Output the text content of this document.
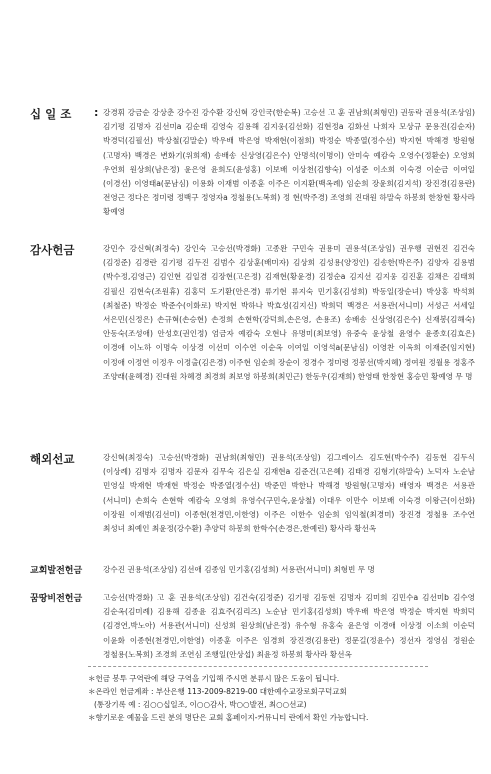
십 일 조	: 강경휘 강금순 강상춘 강수진 강수환 강신혁 강인국(한순복) 고승선 고 훈 권남희(최형민) 권동락 권용석(조상임) 김기평 김명자 김선미a 김순태 김영숙 김용해 김지웅(김선화) 김현정a 김화선 나희자 모상규 문용진(김순자) 박경덕(김필선) 박상철(김말순) 박우배 박은영 박재현(이점희) 박정순 박종열(정수선) 박지현 박해경 방원형(고명자) 백경은 변화기(위희재) 송배송 신상영(김은수) 안명석(이명이) 안미숙 예캄숙 오영수(정환순) 오영희 우연희 원상희(남은정) 윤은영 윤희도(윤성홍) 이보배 이상천(김향숙) 이성준 이소희 이숙경 이순금 이여일(이경선) 이영태a(문남심) 이용화 이재범 이종훈 이주은 이지환(백옥례) 임순희 장윤희(김지석) 장진경(김용란) 전영근 정다은 정미령 정백구 정영자a 정철용(노복희) 정 현(박주경) 조영희 진대원 하말숙 하봉희 한창현 황사라 황예영
감사헌금	강민수 강신혁(최정숙) 강인숙 고승선(박경화) 고종완 구민숙 권용미 권용석(조상임) 권우행 권현진 김건숙(김정준) 김경란 김기평 김두진 김범수 김상훈(배미자) 김상희 김성용(양정인) 김송한(박은주) 김양자 김용범(박수정,김영근) 김인현 김일겸 김장현(고은정) 김재현(황윤경) 김정순a 김지선 김지웅 김진훈 김채은 김태희 김필신 김현숙(조원휴) 김홍덕 도기환(안은경) 류기현 류지숙 민기홍(김성희) 박동일(장순녀) 박상홍 박석희(최철준) 박정순 박준수(이화로) 박지현 박하나 박효성(김지신) 박희덕 백경은 서용관(서니미) 서성근 서세일 서은민(신정은) 손규혁(손승현) 손정희 손현학(강덕희,손은영, 손용조) 송배송 신상영(김은수) 신재봉(김해숙) 안동숙(조성애) 안성호(권인정) 엄금자 예캄숙 오현나 유명미(최보영) 유중숙 윤상철 윤영수 윤종호(김효은) 이경애 이노하 이명숙 이상경 이선미 이수연 이순옥 이여일 이영석a(문남심) 이영찬 이옥희 이재준(임지현) 이정애 이정연 이정우 이정출(김은경) 이주현 임순희 장순이 정경수 정미령 정봉선(박지혜) 정여원 정월용 정홍주 조양래(윤혜경) 진대원 차혜경 최경희 최보영 하봉희(최민근) 한동우(김재희) 한영태 한창현 홍승민 황예영 무 명
해외선교	강신혁(최정숙) 고승선(박경화) 권남희(최형민) 권용석(조상임) 김그레이스 김도현(박수주) 김동현 김두식(이상례) 김명자 김명자 김문자 김무숙 김은실 김재현a 김준건(고은혜) 김태경 김형기(하말숙) 노덕자 노순남 민영실 박재현 박재현 박정순 박종열(정수선) 박준민 박한나 박해경 방원형(고명자) 배영자 백경은 서용관(서니미) 손희숙 손현학 예캄숙 오영희 유영수(구민숙,윤상철) 이대우 이만수 이보배 이숙경 이왕근(이선화) 이장원 이재범(김선미) 이종현(천경민,이한영) 이주은 이한수 임순희 임익철(최경미) 장진경 정철용 조수연 최성녀 최예인 최윤정(강수환) 추양덕 하봉희 한학수(손경은,한예린) 황사라 황선옥
교회발전헌금	강수진 권용석(조상임) 김선애 김종임 민기홍(김성희) 서용관(서니미) 최형빈 무 명
꿈땅비전헌금	고승선(박경화) 고 훈 권용석(조상임) 김건숙(김정준) 김기평 김동현 김명자 김미희 김민수a 김선미b 김수영 김순옥(김미례) 김용해 김종윤 김효주(김리즈) 노순남 민기홍(김성희) 박우배 박은영 박정순 박지현 박희덕(김경연,박노아) 서용관(서니미) 신성희 원상희(남은정) 유수형 유홍숙 윤은영 이경애 이상정 이소희 이순덕 이윤화 이종현(천경민,이한영) 이종훈 이주은 임경희 장진경(김용란) 정문길(정윤수) 정선자 정영심 정원순 정철용(노복희) 조경희 조연심 조행일(안상섭) 최윤정 하봉희 황사라 황선옥
＊헌금 봉투 구역란에 해당 구역을 기입해 주시면 분류시 많은 도움이 됩니다.
＊온라인 헌금계좌 : 부산은행 113-2009-8219-00 대한예수교장로회구덕교회
(통장기록 예 : 김○○십일조, 이○○감사, 박○○발전, 최○○선교)
＊향기로운 예물을 드린 분의 명단은 교회 홈페이지-커뮤니티 란에서 확인 가능합니다.
